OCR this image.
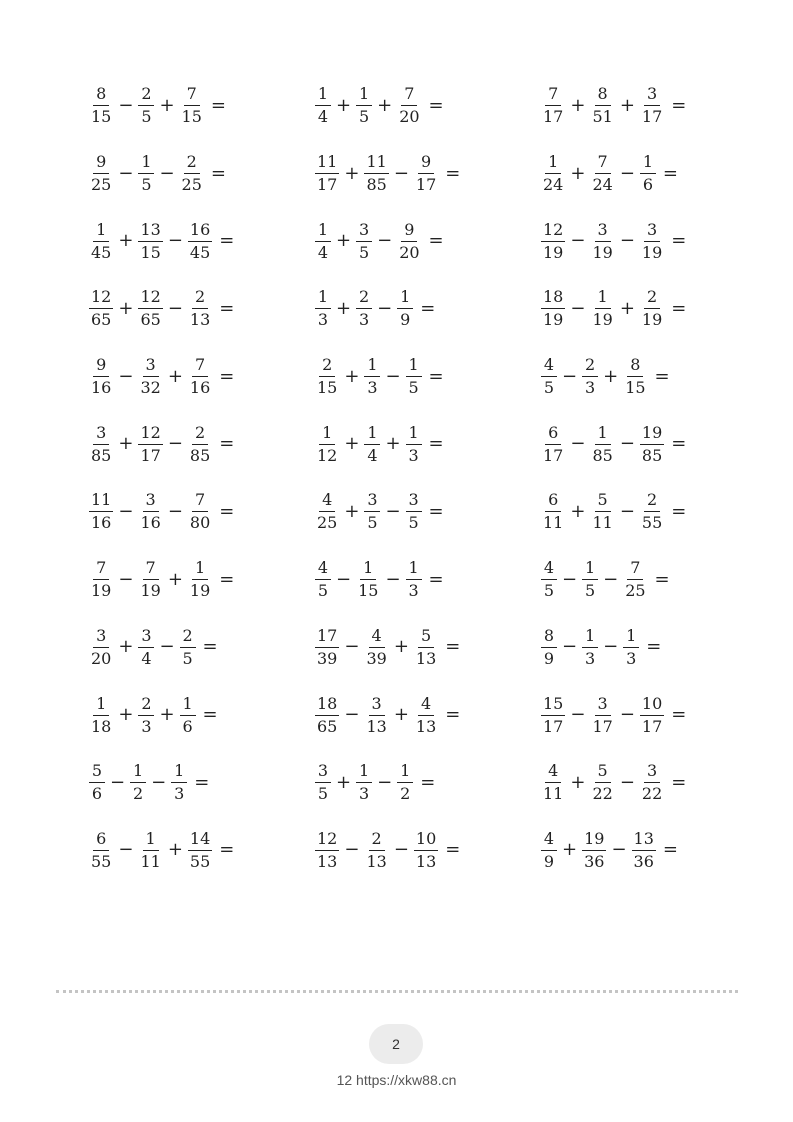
$\frac{8}{15} - \frac{2}{5} + \frac{7}{15}$ =	$\frac{1}{4} + \frac{1}{5} + \frac{7}{20}$ =	$\frac{7}{17} + \frac{8}{51} + \frac{3}{17}$ =
$\frac{9}{25} - \frac{1}{5} - \frac{2}{25}$ =	$\frac{11}{17} + \frac{11}{85} - \frac{9}{17}$ =	$\frac{1}{24} + \frac{7}{24} - \frac{1}{6}$ =
$\frac{1}{45} + \frac{13}{15} - \frac{16}{45}$ =	$\frac{1}{4} + \frac{3}{5} - \frac{9}{20}$ =	$\frac{12}{19} - \frac{3}{19} - \frac{3}{19}$ =
$\frac{12}{65} + \frac{12}{65} - \frac{2}{13}$ =	$\frac{1}{3} + \frac{2}{3} - \frac{1}{9}$ =	$\frac{18}{19} - \frac{1}{19} + \frac{2}{19}$ =
$\frac{9}{16} - \frac{3}{32} + \frac{7}{16}$ =	$\frac{2}{15} + \frac{1}{3} - \frac{1}{5}$ =	$\frac{4}{5} - \frac{2}{3} + \frac{8}{15}$ =
$\frac{3}{85} + \frac{12}{17} - \frac{2}{85}$ =	$\frac{1}{12} + \frac{1}{4} + \frac{1}{3}$ =	$\frac{6}{17} - \frac{1}{85} - \frac{19}{85}$ =
$\frac{11}{16} - \frac{3}{16} - \frac{7}{80}$ =	$\frac{4}{25} + \frac{3}{5} - \frac{3}{5}$ =	$\frac{6}{11} + \frac{5}{11} - \frac{2}{55}$ =
$\frac{7}{19} - \frac{7}{19} + \frac{1}{19}$ =	$\frac{4}{5} - \frac{1}{15} - \frac{1}{3}$ =	$\frac{4}{5} - \frac{1}{5} - \frac{7}{25}$ =
$\frac{3}{20} + \frac{3}{4} - \frac{2}{5}$ =	$\frac{17}{39} - \frac{4}{39} + \frac{5}{13}$ =	$\frac{8}{9} - \frac{1}{3} - \frac{1}{3}$ =
$\frac{1}{18} + \frac{2}{3} + \frac{1}{6}$ =	$\frac{18}{65} - \frac{3}{13} + \frac{4}{13}$ =	$\frac{15}{17} - \frac{3}{17} - \frac{10}{17}$ =
$\frac{5}{6} - \frac{1}{2} - \frac{1}{3}$ =	$\frac{3}{5} + \frac{1}{3} - \frac{1}{2}$ =	$\frac{4}{11} + \frac{5}{22} - \frac{3}{22}$ =
$\frac{6}{55} - \frac{1}{11} + \frac{14}{55}$ =	$\frac{12}{13} - \frac{2}{13} - \frac{10}{13}$ =	$\frac{4}{9} + \frac{19}{36} - \frac{13}{36}$ =
2
12 https://xkw88.cn
